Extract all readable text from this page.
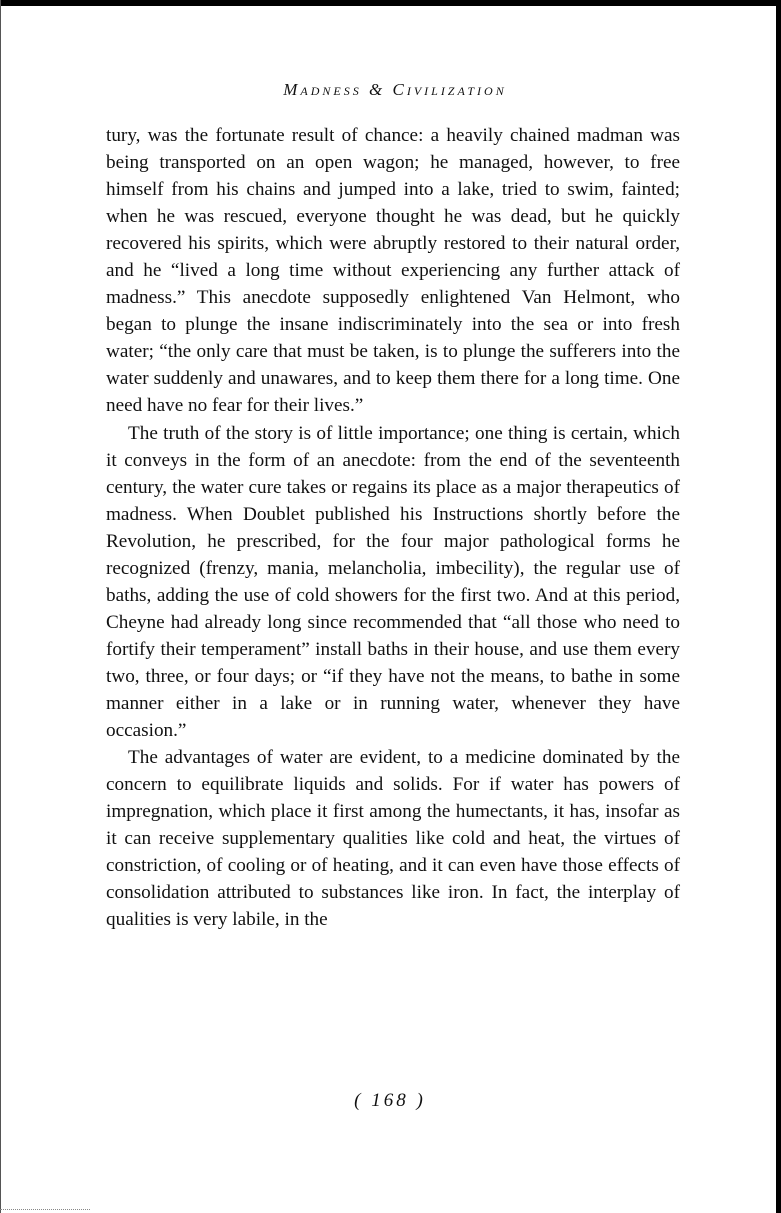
Madness & Civilization

tury, was the fortunate result of chance: a heavily chained madman was being transported on an open wagon; he managed, however, to free himself from his chains and jumped into a lake, tried to swim, fainted; when he was rescued, everyone thought he was dead, but he quickly recovered his spirits, which were abruptly restored to their natural order, and he “lived a long time without experiencing any further attack of madness.” This anecdote supposedly enlightened Van Helmont, who began to plunge the insane indiscriminately into the sea or into fresh water; “the only care that must be taken, is to plunge the sufferers into the water suddenly and unawares, and to keep them there for a long time. One need have no fear for their lives.”

The truth of the story is of little importance; one thing is certain, which it conveys in the form of an anecdote: from the end of the seventeenth century, the water cure takes or regains its place as a major therapeutics of madness. When Doublet published his Instructions shortly before the Revolution, he prescribed, for the four major pathological forms he recognized (frenzy, mania, melancholia, imbecility), the regular use of baths, adding the use of cold showers for the first two. And at this period, Cheyne had already long since recommended that “all those who need to fortify their temperament” install baths in their house, and use them every two, three, or four days; or “if they have not the means, to bathe in some manner either in a lake or in running water, whenever they have occasion.”

The advantages of water are evident, to a medicine dominated by the concern to equilibrate liquids and solids. For if water has powers of impregnation, which place it first among the humectants, it has, insofar as it can receive supplementary qualities like cold and heat, the virtues of constriction, of cooling or of heating, and it can even have those effects of consolidation attributed to substances like iron. In fact, the interplay of qualities is very labile, in the

( 168 )
